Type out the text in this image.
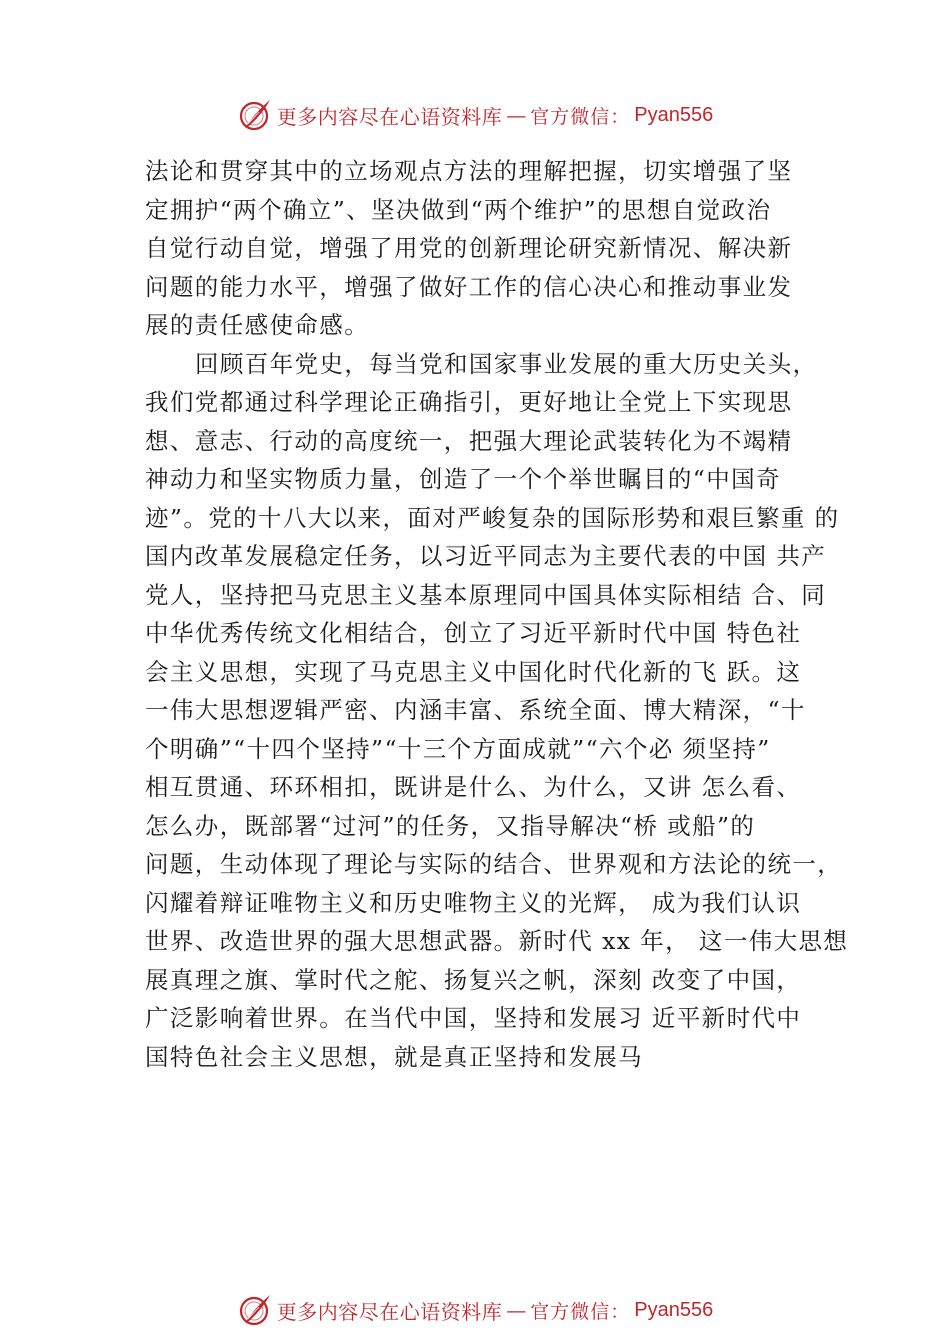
更多内容尽在心语资料库 — 官方微信： Pyan556
法论和贯穿其中的立场观点方法的理解把握，切实增强了坚
定拥护“两个确立”、坚决做到“两个维护”的思想自觉政治
自觉行动自觉，增强了用党的创新理论研究新情况、解决新
问题的能力水平，增强了做好工作的信心决心和推动事业发
展的责任感使命感。
回顾百年党史，每当党和国家事业发展的重大历史关头，
我们党都通过科学理论正确指引，更好地让全党上下实现思
想、意志、行动的高度统一，把强大理论武装转化为不竭精
神动力和坚实物质力量，创造了一个个举世瞩目的“中国奇
迹”。党的十八大以来，面对严峻复杂的国际形势和艰巨繁重 的
国内改革发展稳定任务，以习近平同志为主要代表的中国 共产
党人，坚持把马克思主义基本原理同中国具体实际相结 合、同
中华优秀传统文化相结合，创立了习近平新时代中国 特色社
会主义思想，实现了马克思主义中国化时代化新的飞 跃。这
一伟大思想逻辑严密、内涵丰富、系统全面、博大精深，“十
个明确”“十四个坚持”“十三个方面成就”“六个必 须坚持”
相互贯通、环环相扣，既讲是什么、为什么，又讲 怎么看、
怎么办，既部署“过河”的任务，又指导解决“桥 或船”的
问题，生动体现了理论与实际的结合、世界观和方法论的统一，
闪耀着辩证唯物主义和历史唯物主义的光辉， 成为我们认识
世界、改造世界的强大思想武器。新时代 xx 年， 这一伟大思想
展真理之旗、掌时代之舵、扬复兴之帆，深刻 改变了中国，
广泛影响着世界。在当代中国，坚持和发展习 近平新时代中
国特色社会主义思想，就是真正坚持和发展马
更多内容尽在心语资料库 — 官方微信： Pyan556
